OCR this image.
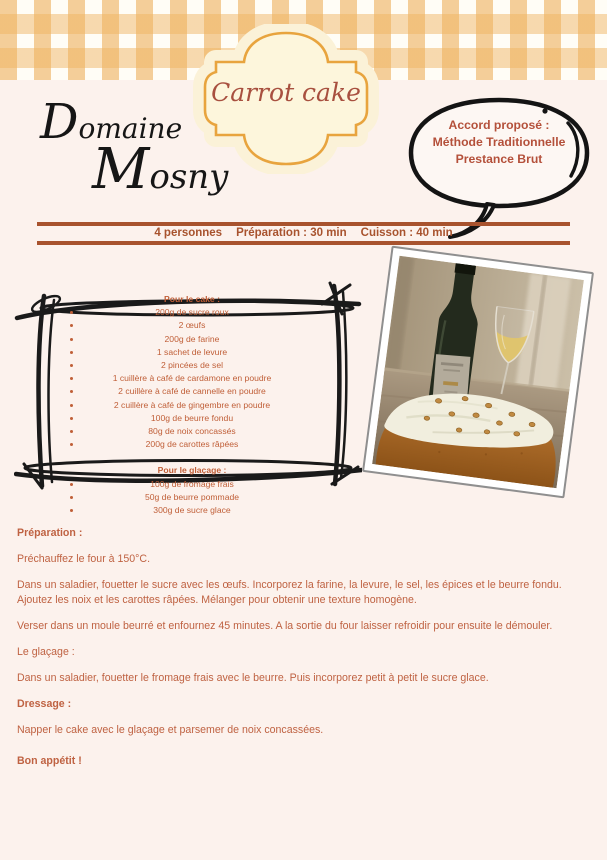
Carrot cake
Domaine
Mosny
Accord proposé :
Méthode Traditionnelle
Prestance Brut
4 personnes Préparation : 30 min Cuisson : 40 min
Pour le cake :
200g de sucre roux
2 œufs
200g de farine
1 sachet de levure
2 pincées de sel
1 cuillère à café de cardamone en poudre
2 cuillère à café de cannelle en poudre
2 cuillère à café de gingembre en poudre
100g de beurre fondu
80g de noix concassés
200g de carottes râpées
Pour le glaçage :
100g de fromage frais
50g de beurre pommade
300g de sucre glace

Préparation :

Préchauffez le four à 150°C.

Dans un saladier, fouetter le sucre avec les œufs. Incorporez la farine, la levure, le sel, les épices et le beurre fondu. Ajoutez les noix et les carottes râpées. Mélanger pour obtenir une texture homogène.

Verser dans un moule beurré et enfournez 45 minutes. A la sortie du four laisser refroidir pour ensuite le démouler.

Le glaçage :

Dans un saladier, fouetter le fromage frais avec le beurre. Puis incorporez petit à petit le sucre glace.

Dressage :

Napper le cake avec le glaçage et parsemer de noix concassées.

Bon appétit !
